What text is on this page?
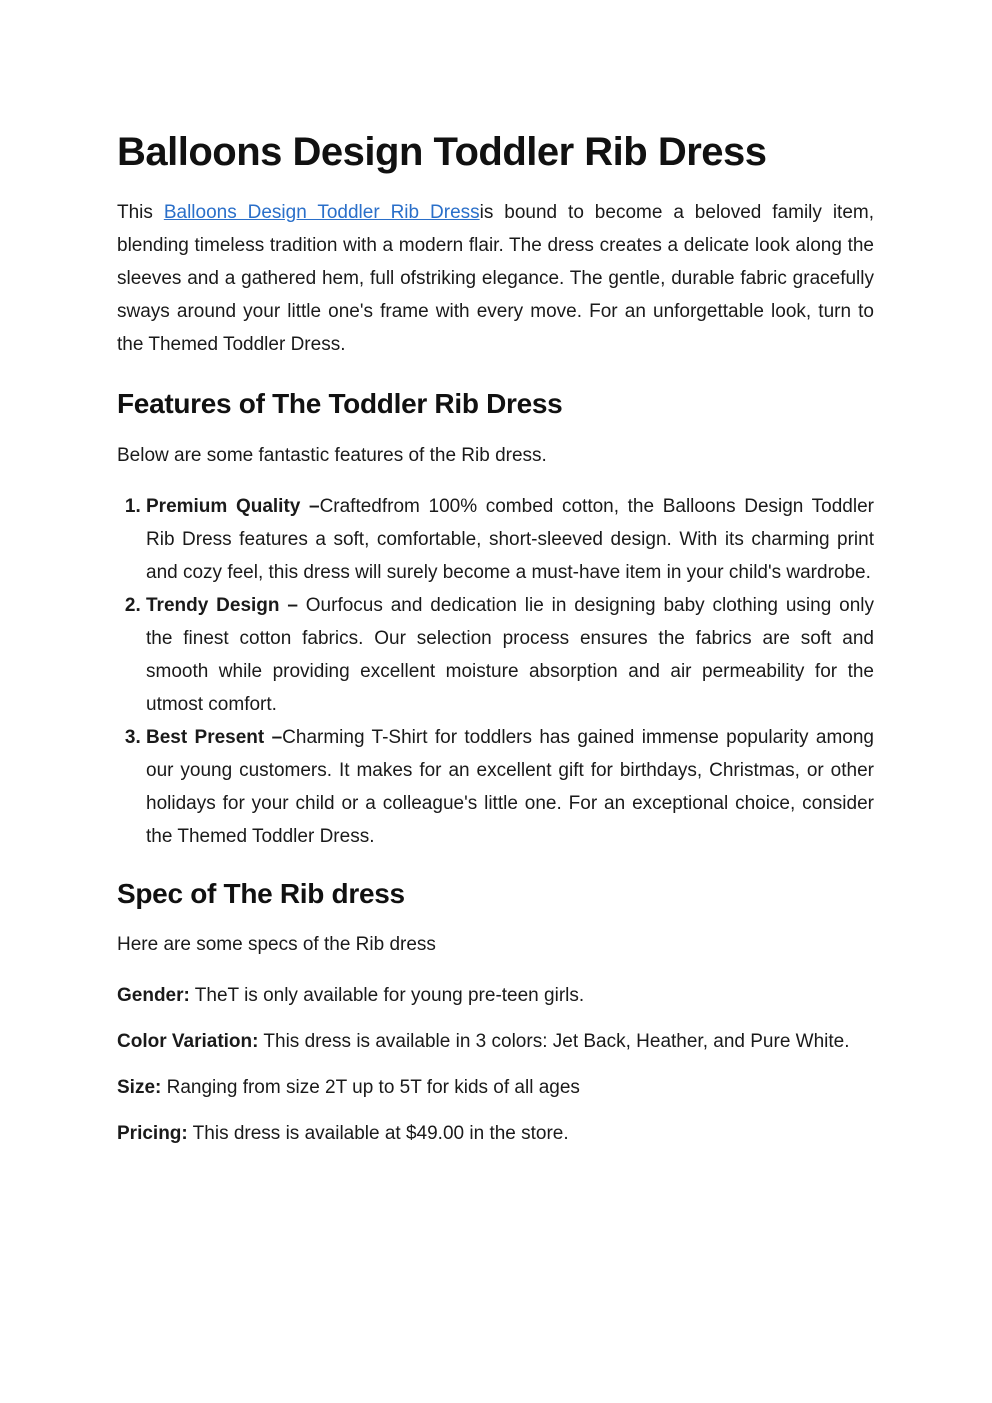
Balloons Design Toddler Rib Dress

This Balloons Design Toddler Rib Dressis bound to become a beloved family item, blending timeless tradition with a modern flair. The dress creates a delicate look along the sleeves and a gathered hem, full ofstriking elegance. The gentle, durable fabric gracefully sways around your little one's frame with every move. For an unforgettable look, turn to the Themed Toddler Dress.

Features of The Toddler Rib Dress

Below are some fantastic features of the Rib dress.

1. Premium Quality –Craftedfrom 100% combed cotton, the Balloons Design Toddler Rib Dress features a soft, comfortable, short-sleeved design. With its charming print and cozy feel, this dress will surely become a must-have item in your child's wardrobe.
2. Trendy Design – Ourfocus and dedication lie in designing baby clothing using only the finest cotton fabrics. Our selection process ensures the fabrics are soft and smooth while providing excellent moisture absorption and air permeability for the utmost comfort.
3. Best Present –Charming T-Shirt for toddlers has gained immense popularity among our young customers. It makes for an excellent gift for birthdays, Christmas, or other holidays for your child or a colleague's little one. For an exceptional choice, consider the Themed Toddler Dress.
Spec of The Rib dress

Here are some specs of the Rib dress

Gender: TheT is only available for young pre-teen girls.

Color Variation: This dress is available in 3 colors: Jet Back, Heather, and Pure White.

Size: Ranging from size 2T up to 5T for kids of all ages

Pricing: This dress is available at $49.00 in the store.
